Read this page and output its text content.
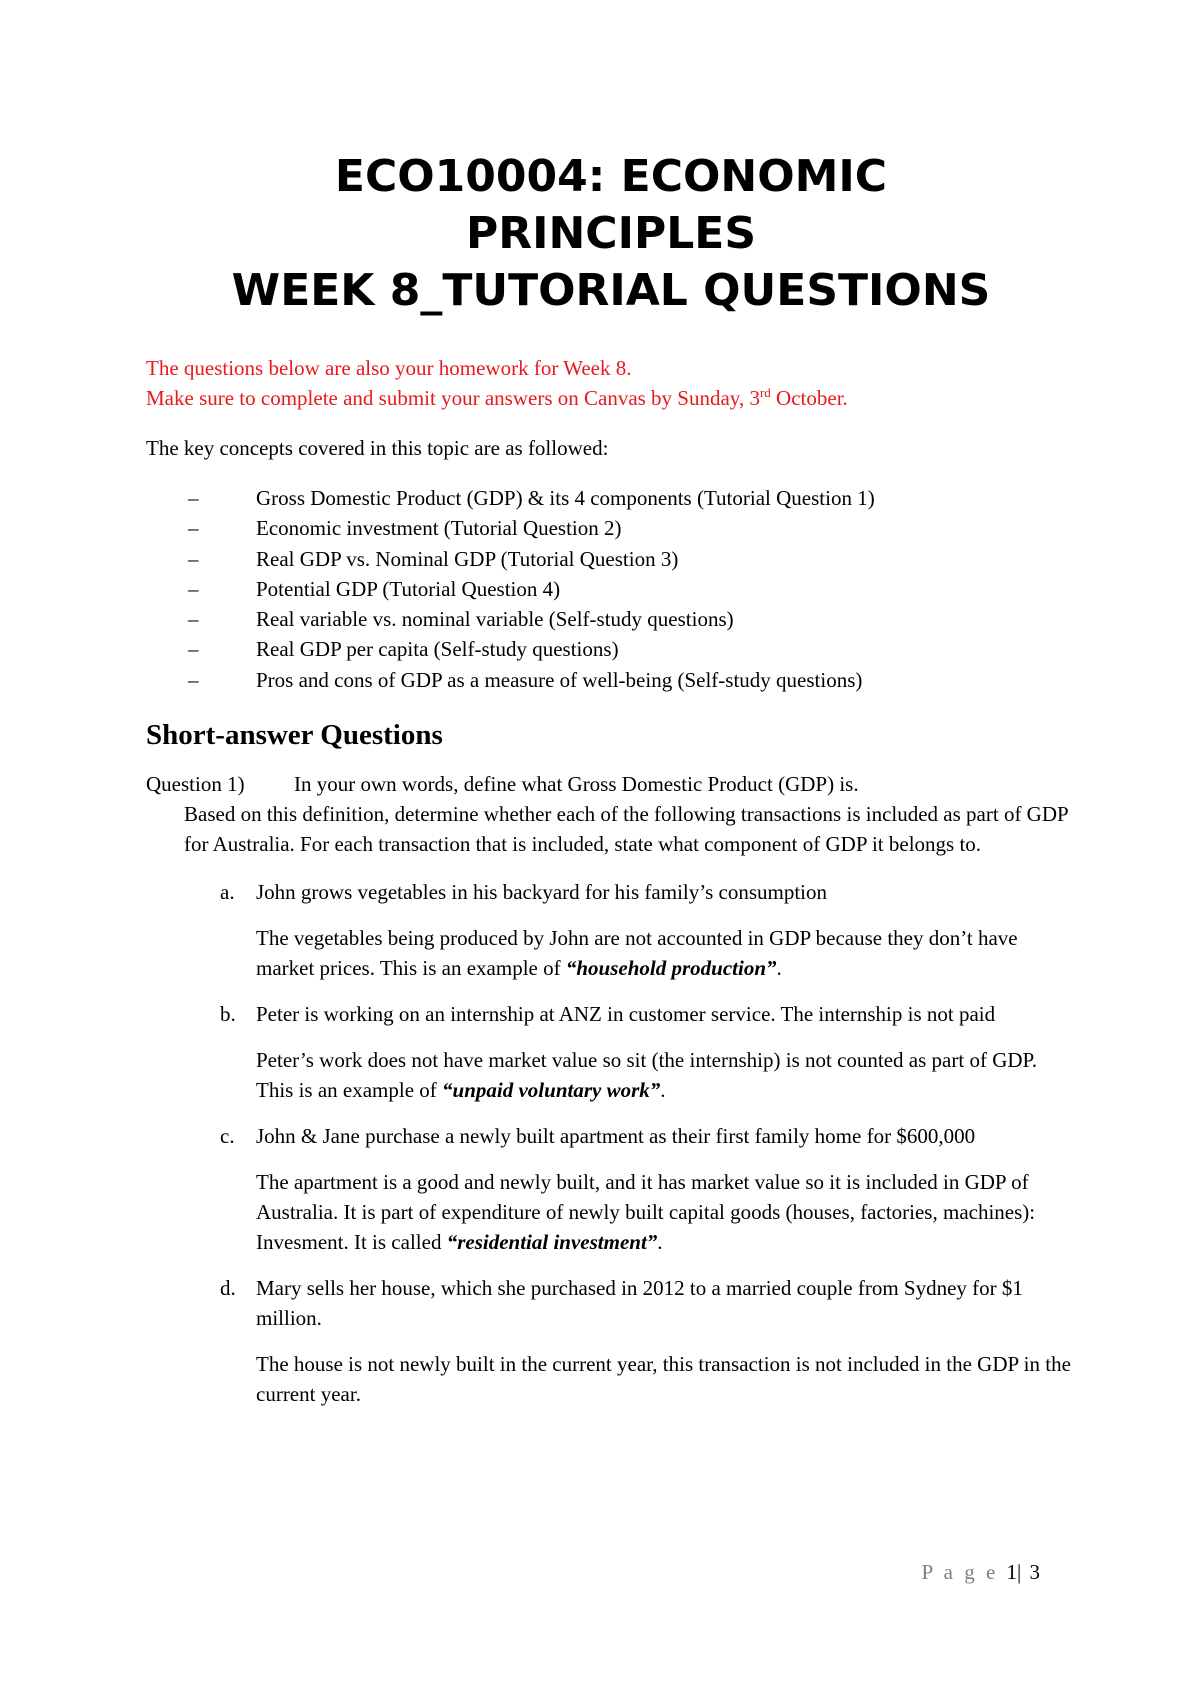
ECO10004: ECONOMIC
PRINCIPLES
WEEK 8_TUTORIAL QUESTIONS
The questions below are also your homework for Week 8.
Make sure to complete and submit your answers on Canvas by Sunday, 3rd October.
The key concepts covered in this topic are as followed:
–	Gross Domestic Product (GDP) & its 4 components (Tutorial Question 1)
–	Economic investment (Tutorial Question 2)
–	Real GDP vs. Nominal GDP (Tutorial Question 3)
–	Potential GDP (Tutorial Question 4)
–	Real variable vs. nominal variable (Self-study questions)
–	Real GDP per capita (Self-study questions)
–	Pros and cons of GDP as a measure of well-being (Self-study questions)
Short-answer Questions
Question 1)	In your own words, define what Gross Domestic Product (GDP) is.
Based on this definition, determine whether each of the following transactions is included as part of GDP for Australia. For each transaction that is included, state what component of GDP it belongs to.
a. John grows vegetables in his backyard for his family’s consumption
The vegetables being produced by John are not accounted in GDP because they don’t have market prices. This is an example of “household production”.
b. Peter is working on an internship at ANZ in customer service. The internship is not paid
Peter’s work does not have market value so sit (the internship) is not counted as part of GDP. This is an example of “unpaid voluntary work”.
c. John & Jane purchase a newly built apartment as their first family home for $600,000
The apartment is a good and newly built, and it has market value so it is included in GDP of Australia. It is part of expenditure of newly built capital goods (houses, factories, machines): Invesment. It is called “residential investment”.
d. Mary sells her house, which she purchased in 2012 to a married couple from Sydney for $1 million.
The house is not newly built in the current year, this transaction is not included in the GDP in the current year.
P a g e 1| 3
